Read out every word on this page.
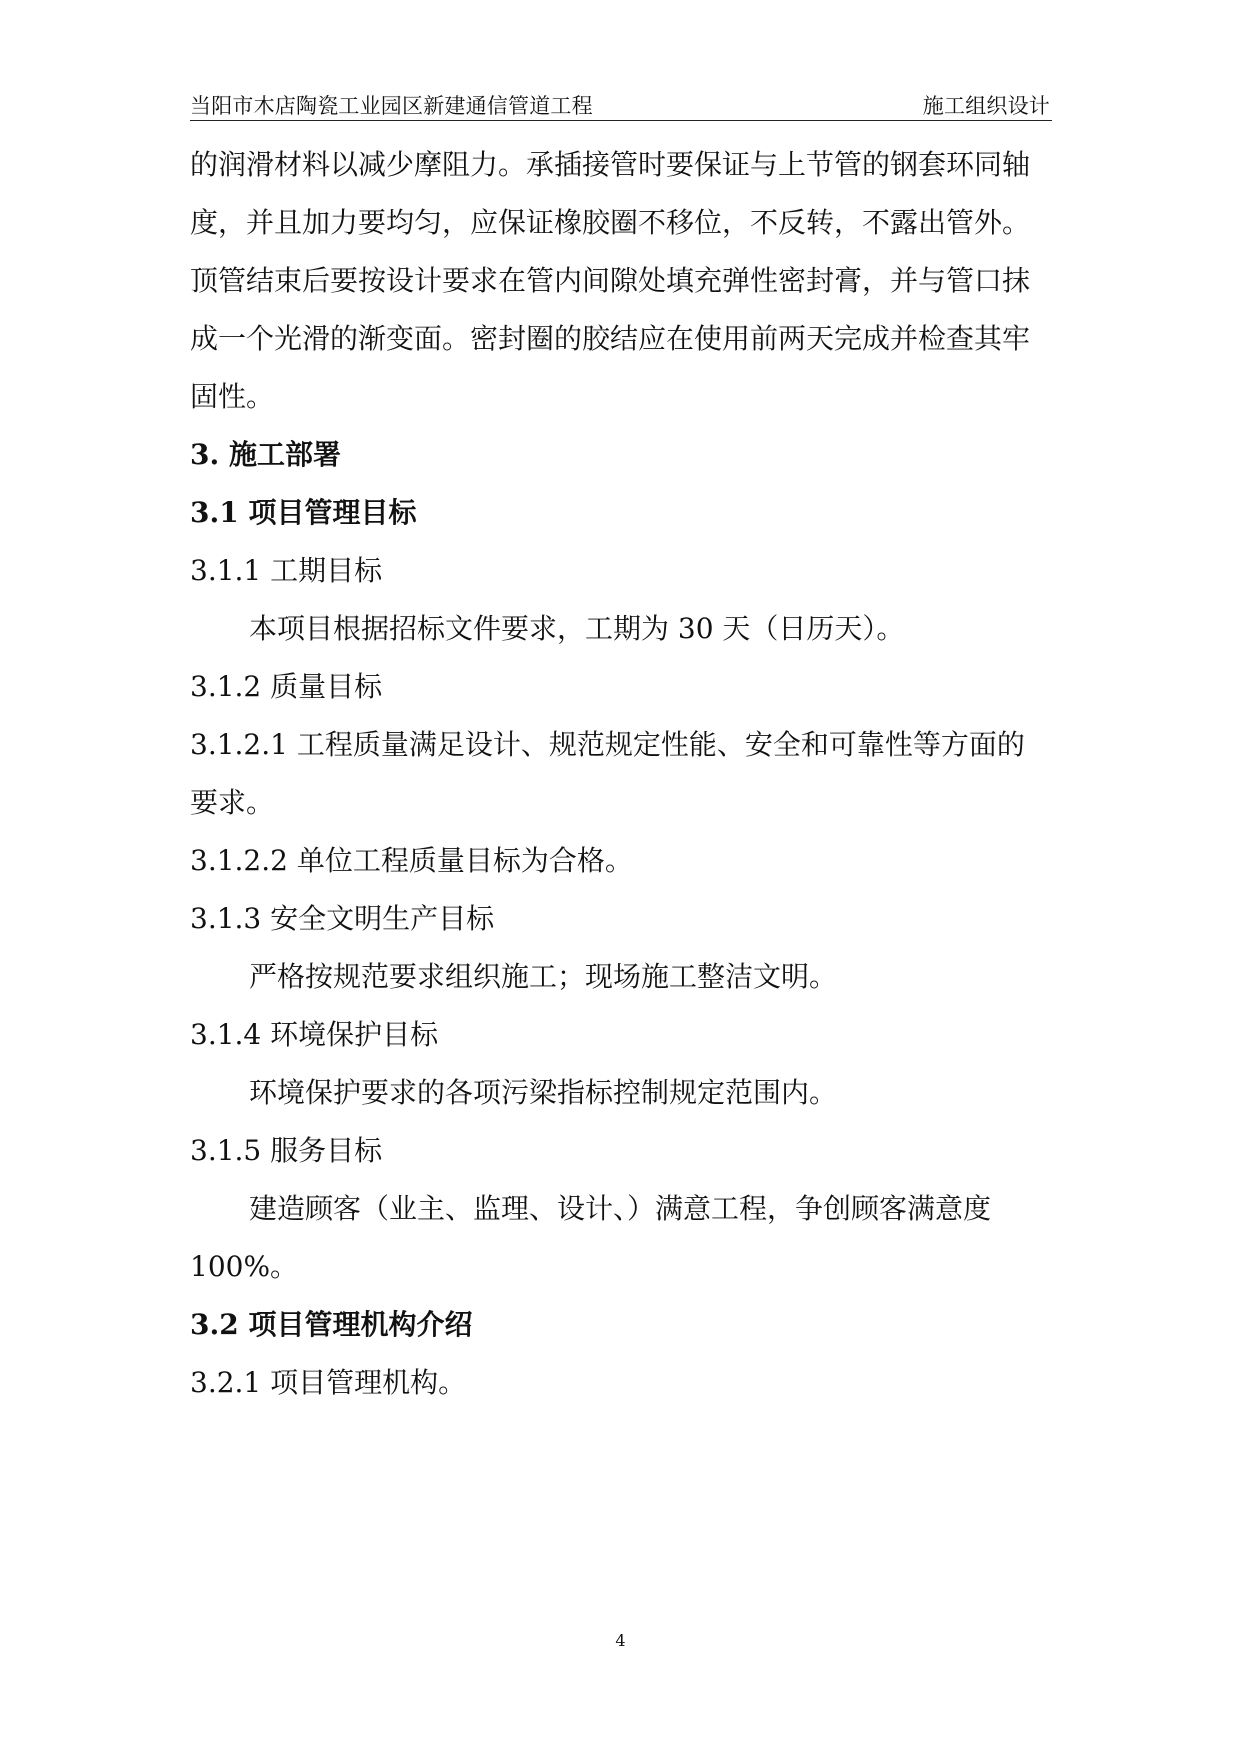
当阳市木店陶瓷工业园区新建通信管道工程	施工组织设计
的润滑材料以减少摩阻力。承插接管时要保证与上节管的钢套环同轴
度，并且加力要均匀，应保证橡胶圈不移位，不反转，不露出管外。
顶管结束后要按设计要求在管内间隙处填充弹性密封膏，并与管口抹
成一个光滑的渐变面。密封圈的胶结应在使用前两天完成并检查其牢
固性。
3. 施工部署
3.1 项目管理目标
3.1.1 工期目标
本项目根据招标文件要求，工期为 30 天（日历天）。
3.1.2 质量目标
3.1.2.1 工程质量满足设计、规范规定性能、安全和可靠性等方面的
要求。
3.1.2.2 单位工程质量目标为合格。
3.1.3 安全文明生产目标
严格按规范要求组织施工；现场施工整洁文明。
3.1.4 环境保护目标
环境保护要求的各项污梁指标控制规定范围内。
3.1.5 服务目标
建造顾客（业主、监理、设计、）满意工程，争创顾客满意度
100%。
3.2 项目管理机构介绍
3.2.1 项目管理机构。
4
